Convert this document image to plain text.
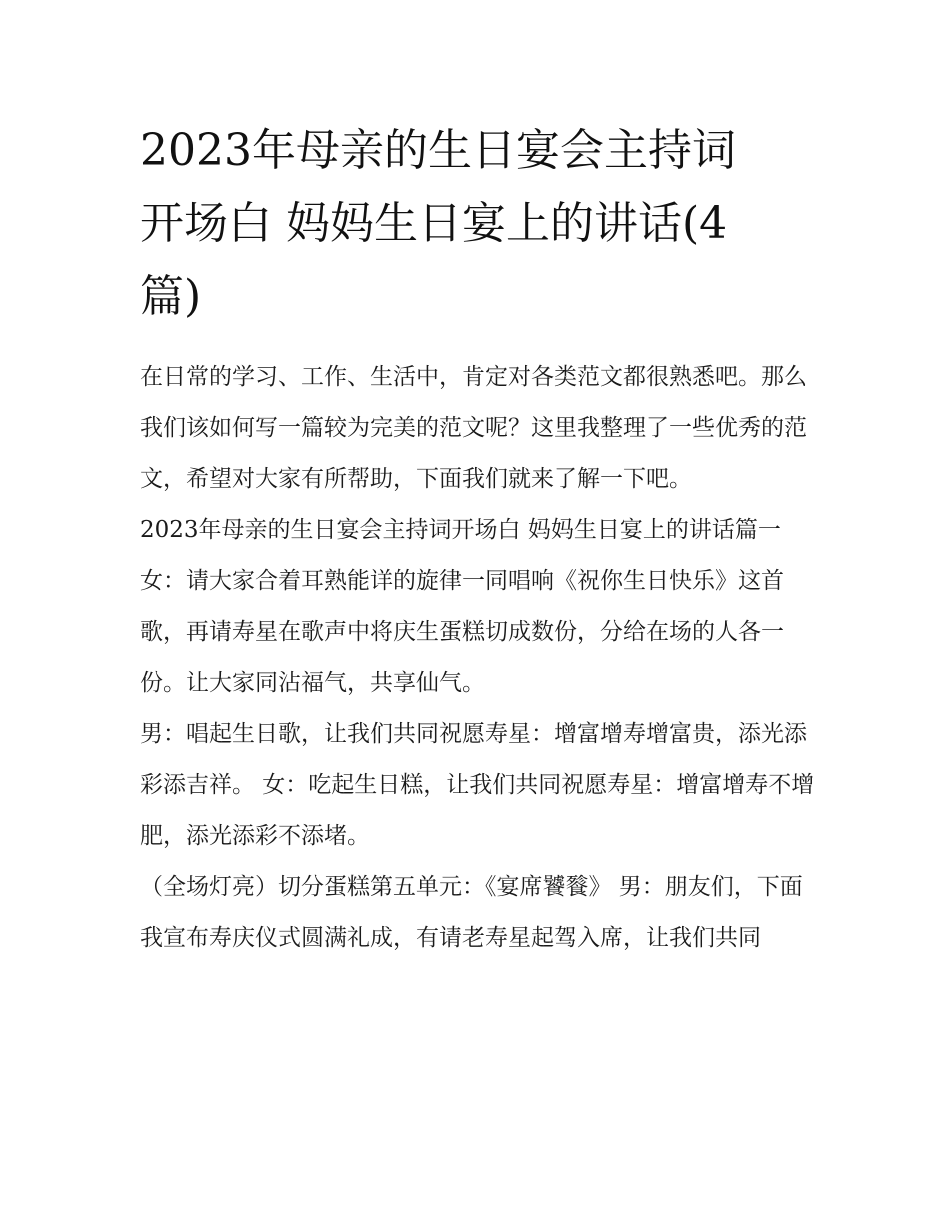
2023年母亲的生日宴会主持词
开场白 妈妈生日宴上的讲话(4
篇)

在日常的学习、工作、生活中，肯定对各类范文都很熟悉吧。那么我们该如何写一篇较为完美的范文呢？这里我整理了一些优秀的范文，希望对大家有所帮助，下面我们就来了解一下吧。

2023年母亲的生日宴会主持词开场白 妈妈生日宴上的讲话篇一

女：请大家合着耳熟能详的旋律一同唱响《祝你生日快乐》这首歌，再请寿星在歌声中将庆生蛋糕切成数份，分给在场的人各一份。让大家同沾福气，共享仙气。

男：唱起生日歌，让我们共同祝愿寿星：增富增寿增富贵，添光添彩添吉祥。 女：吃起生日糕，让我们共同祝愿寿星：增富增寿不增肥，添光添彩不添堵。

（全场灯亮）切分蛋糕第五单元：《宴席饕餮》 男：朋友们，下面我宣布寿庆仪式圆满礼成，有请老寿星起驾入席，让我们共同
